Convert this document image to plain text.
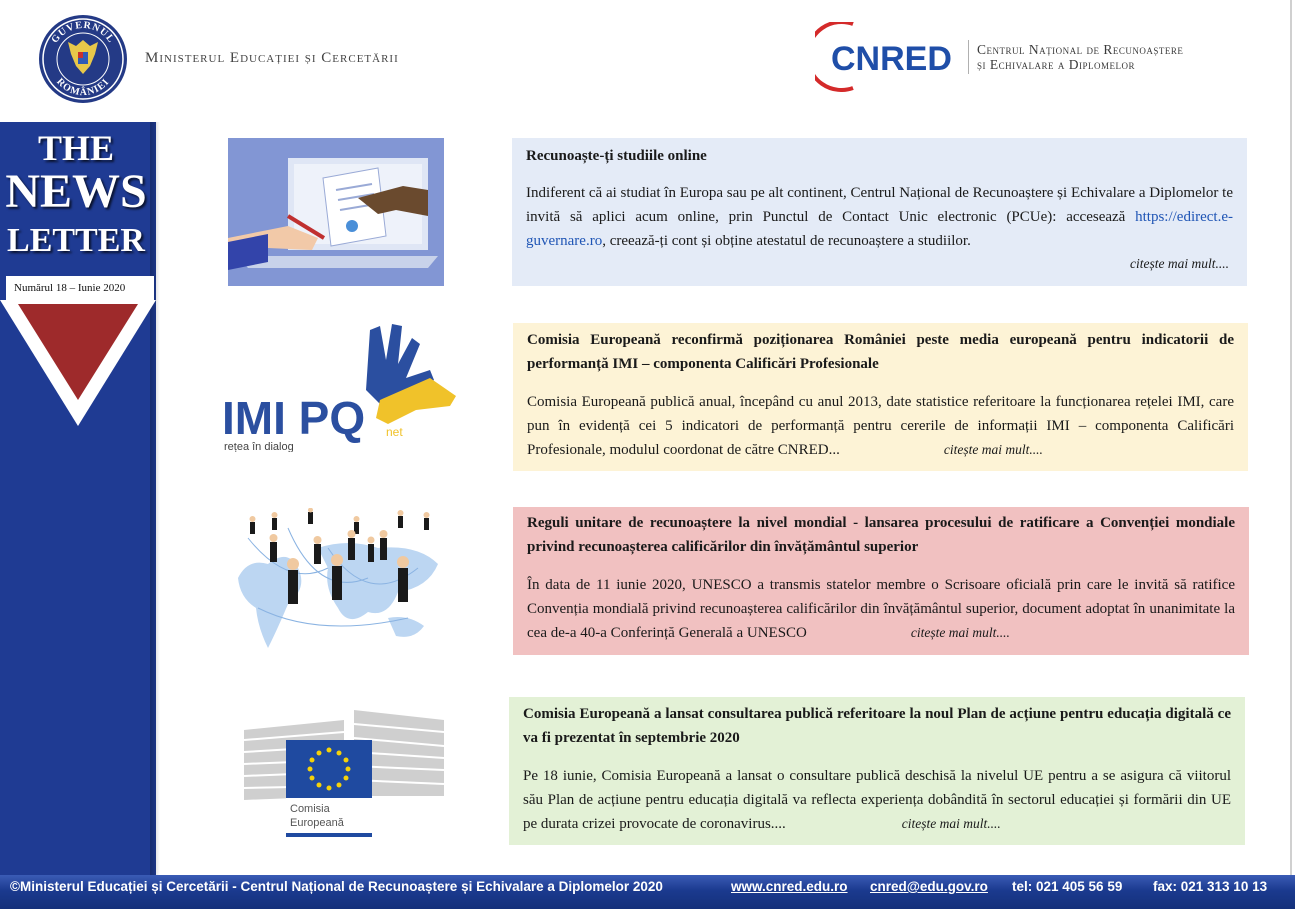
GUVERNUL
ROMÂNIEI
Ministerul Educației și Cercetării	CNRED Centrul Național de Recunoaștere
și Echivalare a Diplomelor
THE
NEWS
LETTER
Numărul 18 – Iunie 2020
Recunoaște-ți studiile online
Indiferent că ai studiat în Europa sau pe alt continent, Centrul Național de Recunoaștere și Echivalare a Diplomelor te invită să aplici acum online, prin Punctul de Contact Unic electronic (PCUe): accesează https://edirect.e-guvernare.ro, creează-ți cont și obține atestatul de recunoaștere a studiilor.
citește mai mult....
IMI PQ net
rețea în dialog
Comisia Europeană reconfirmă poziționarea României peste media europeană pentru indicatorii de performanță IMI – componenta Calificări Profesionale
Comisia Europeană publică anual, începând cu anul 2013, date statistice referitoare la funcționarea rețelei IMI, care pun în evidență cei 5 indicatori de performanță pentru cererile de informații IMI – componenta Calificări Profesionale, modulul coordonat de către CNRED...	citește mai mult....
Reguli unitare de recunoaștere la nivel mondial - lansarea procesului de ratificare a Convenției mondiale privind recunoașterea calificărilor din învățământul superior
În data de 11 iunie 2020, UNESCO a transmis statelor membre o Scrisoare oficială prin care le invită să ratifice Convenția mondială privind recunoașterea calificărilor din învățământul superior, document adoptat în unanimitate la cea de-a 40-a Conferință Generală a UNESCO	citește mai mult....
Comisia
Europeană
Comisia Europeană a lansat consultarea publică referitoare la noul Plan de acțiune pentru educația digitală ce va fi prezentat în septembrie 2020
Pe 18 iunie, Comisia Europeană a lansat o consultare publică deschisă la nivelul UE pentru a se asigura că viitorul său Plan de acțiune pentru educația digitală va reflecta experiența dobândită în sectorul educației și formării din UE pe durata crizei provocate de coronavirus....	citește mai mult....
©Ministerul Educației și Cercetării - Centrul Național de Recunoaștere și Echivalare a Diplomelor 2020	www.cnred.edu.ro cnred@edu.gov.ro tel: 021 405 56 59 fax: 021 313 10 13
